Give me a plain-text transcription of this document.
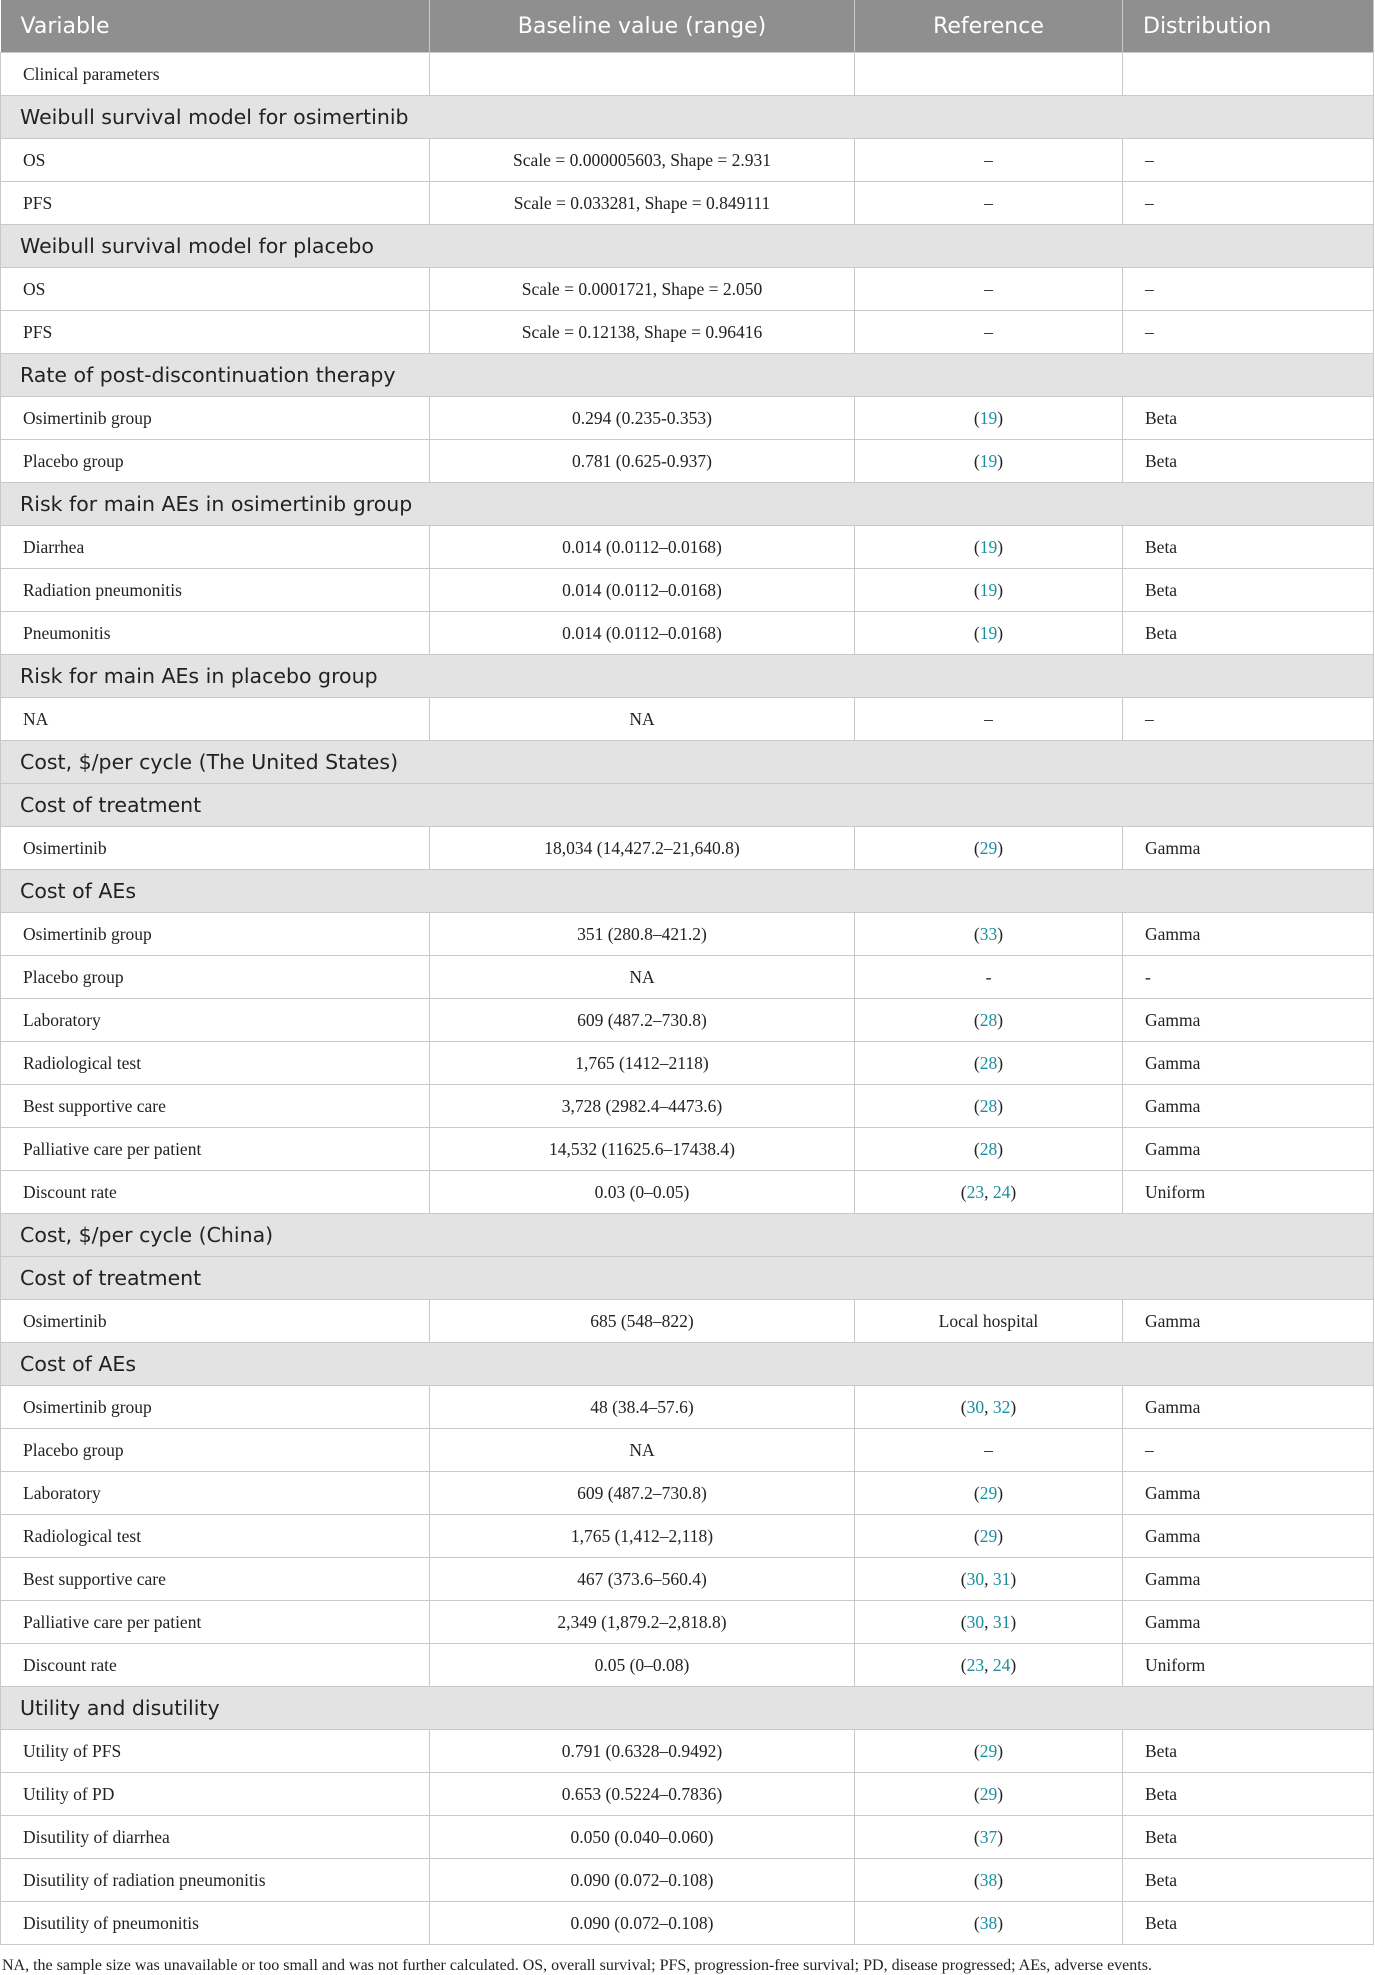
Variable	Baseline value (range)	Reference	Distribution
Clinical parameters			
Weibull survival model for osimertinib			
OS	Scale = 0.000005603, Shape = 2.931	–	–
PFS	Scale = 0.033281, Shape = 0.849111	–	–
Weibull survival model for placebo			
OS	Scale = 0.0001721, Shape = 2.050	–	–
PFS	Scale = 0.12138, Shape = 0.96416	–	–
Rate of post-discontinuation therapy			
Osimertinib group	0.294 (0.235-0.353)	(19)	Beta
Placebo group	0.781 (0.625-0.937)	(19)	Beta
Risk for main AEs in osimertinib group			
Diarrhea	0.014 (0.0112–0.0168)	(19)	Beta
Radiation pneumonitis	0.014 (0.0112–0.0168)	(19)	Beta
Pneumonitis	0.014 (0.0112–0.0168)	(19)	Beta
Risk for main AEs in placebo group			
NA	NA	–	–
Cost, $/per cycle (The United States)			
Cost of treatment			
Osimertinib	18,034 (14,427.2–21,640.8)	(29)	Gamma
Cost of AEs			
Osimertinib group	351 (280.8–421.2)	(33)	Gamma
Placebo group	NA	-	-
Laboratory	609 (487.2–730.8)	(28)	Gamma
Radiological test	1,765 (1412–2118)	(28)	Gamma
Best supportive care	3,728 (2982.4–4473.6)	(28)	Gamma
Palliative care per patient	14,532 (11625.6–17438.4)	(28)	Gamma
Discount rate	0.03 (0–0.05)	(23, 24)	Uniform
Cost, $/per cycle (China)			
Cost of treatment			
Osimertinib	685 (548–822)	Local hospital	Gamma
Cost of AEs			
Osimertinib group	48 (38.4–57.6)	(30, 32)	Gamma
Placebo group	NA	–	–
Laboratory	609 (487.2–730.8)	(29)	Gamma
Radiological test	1,765 (1,412–2,118)	(29)	Gamma
Best supportive care	467 (373.6–560.4)	(30, 31)	Gamma
Palliative care per patient	2,349 (1,879.2–2,818.8)	(30, 31)	Gamma
Discount rate	0.05 (0–0.08)	(23, 24)	Uniform
Utility and disutility			
Utility of PFS	0.791 (0.6328–0.9492)	(29)	Beta
Utility of PD	0.653 (0.5224–0.7836)	(29)	Beta
Disutility of diarrhea	0.050 (0.040–0.060)	(37)	Beta
Disutility of radiation pneumonitis	0.090 (0.072–0.108)	(38)	Beta
Disutility of pneumonitis	0.090 (0.072–0.108)	(38)	Beta
NA, the sample size was unavailable or too small and was not further calculated. OS, overall survival; PFS, progression-free survival; PD, disease progressed; AEs, adverse events.
